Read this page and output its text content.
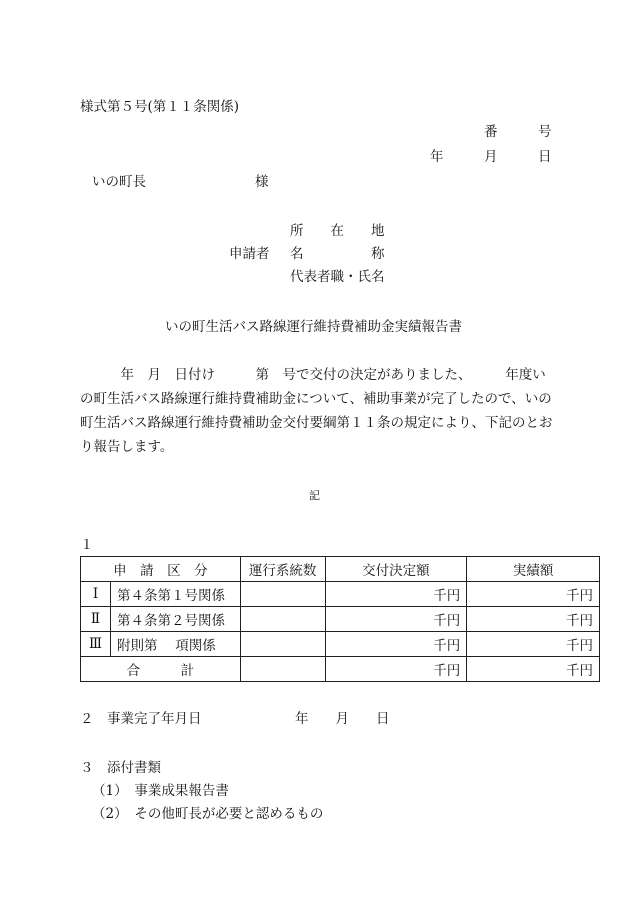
様式第５号(第１１条関係)
番　　　号
年　　　月　　　日
いの町長	様
所　　在　　地
申請者 名　　　　　称
代表者職・氏名
いの町生活バス路線運行維持費補助金実績報告書
　　　年　月　日付け　　　第　号で交付の決定がありました、　　　年度い
の町生活バス路線運行維持費補助金について、補助事業が完了したので、いの
町生活バス路線運行維持費補助金交付要綱第１１条の規定により、下記のとお
り報告します。
記
１
申　請　区　分		運行系統数	交付決定額	実績額
Ⅰ	第４条第１号関係		千円	千円
Ⅱ	第４条第２号関係		千円	千円
Ⅲ	附則第　 項関係		千円	千円
合　　　計			千円	千円
２　事業完了年月日	年　　月　　日
３　添付書類
（1）　事業成果報告書
（2）　その他町長が必要と認めるもの
